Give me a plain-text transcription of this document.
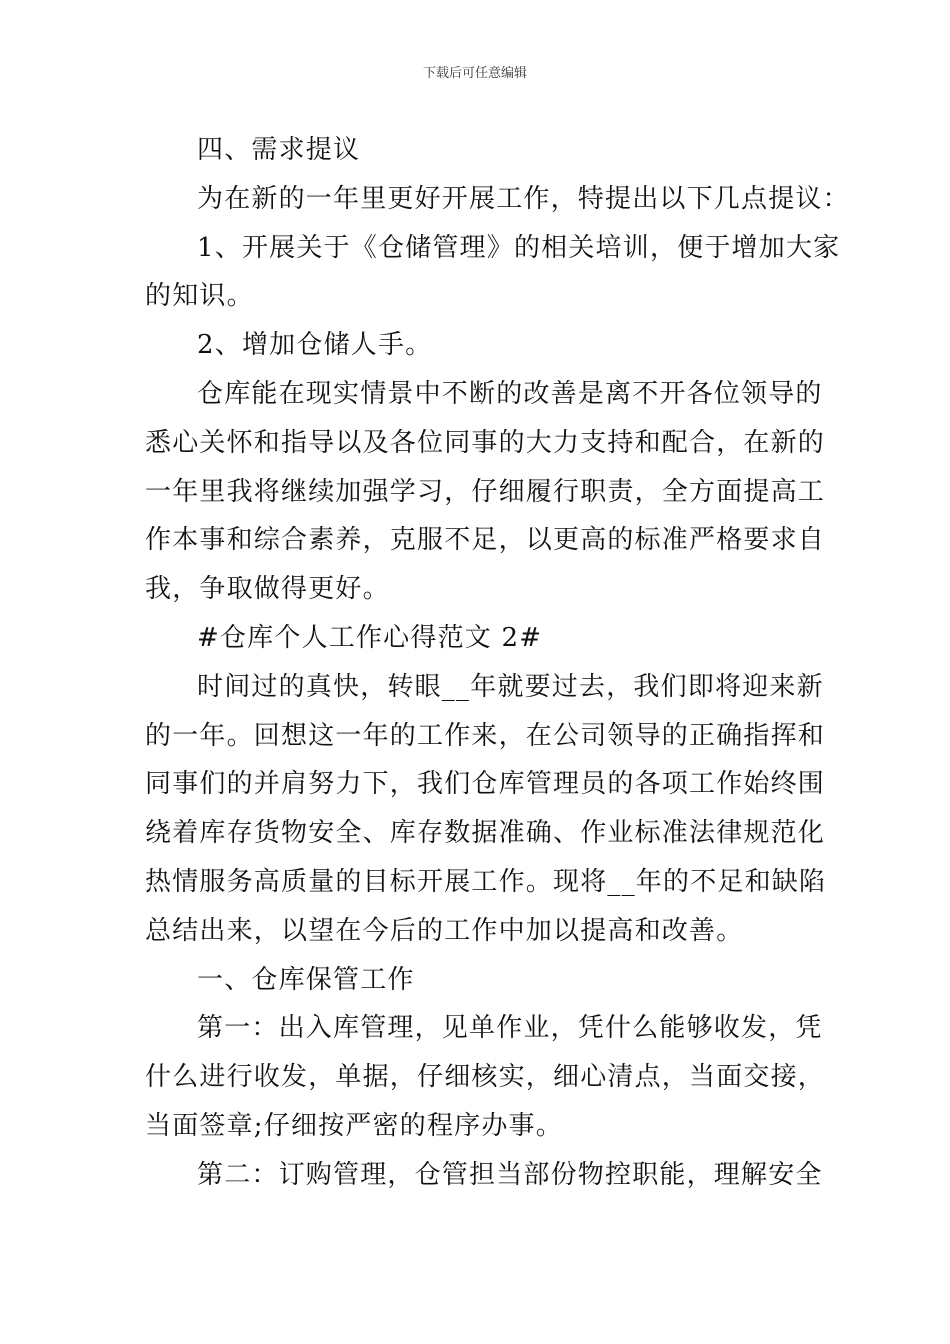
下载后可任意编辑

四、需求提议

为在新的一年里更好开展工作，特提出以下几点提议：

1、开展关于《仓储管理》的相关培训，便于增加大家
的知识。

2、增加仓储人手。

仓库能在现实情景中不断的改善是离不开各位领导的
悉心关怀和指导以及各位同事的大力支持和配合，在新的
一年里我将继续加强学习，仔细履行职责，全方面提高工
作本事和综合素养，克服不足，以更高的标准严格要求自
我，争取做得更好。

#仓库个人工作心得范文 2#

时间过的真快，转眼__年就要过去，我们即将迎来新
的一年。回想这一年的工作来，在公司领导的正确指挥和
同事们的并肩努力下，我们仓库管理员的各项工作始终围
绕着库存货物安全、库存数据准确、作业标准法律规范化
热情服务高质量的目标开展工作。现将__年的不足和缺陷
总结出来，以望在今后的工作中加以提高和改善。

一、仓库保管工作

第一：出入库管理，见单作业，凭什么能够收发，凭
什么进行收发，单据，仔细核实，细心清点，当面交接，
当面签章;仔细按严密的程序办事。

第二：订购管理，仓管担当部份物控职能，理解安全
